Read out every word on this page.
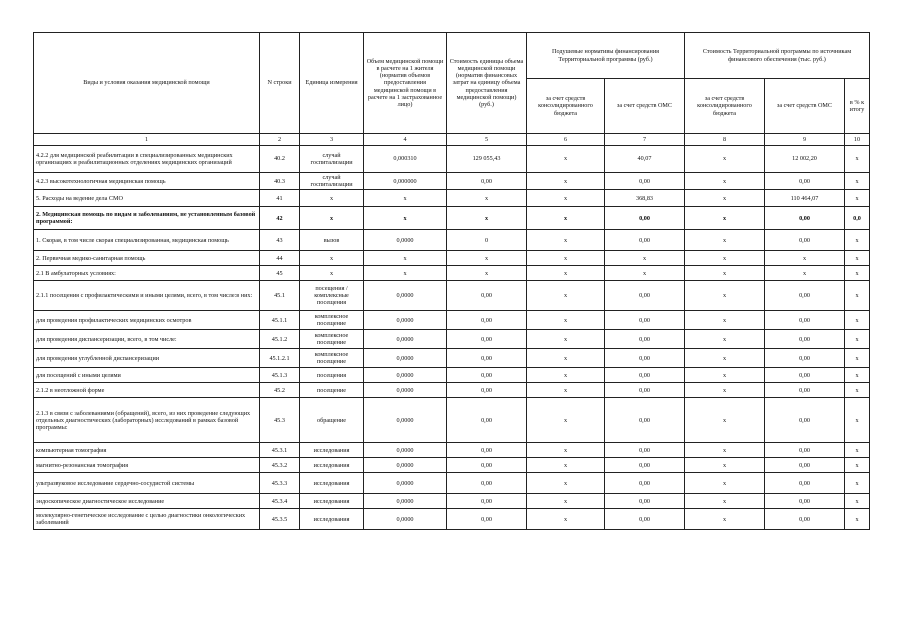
Виды и условия оказания медицинской помощи	N строки	Единица измерения	Объем медицинской помощи в расчете на 1 жителя (норматив объемов предоставления медицинской помощи в расчете на 1 застрахованное лицо)	Стоимость единицы объема медицинской помощи (норматив финансовых затрат на единицу объема предоставления медицинской помощи) (руб.)	Подушевые нормативы финансирования Территориальной программы (руб.)		Стоимость Территориальной программы по источникам финансового обеспечения (тыс. руб.)		
					за счет средств консолидированного бюджета	за счет средств ОМС	за счет средств консолидированного бюджета	за счет средств ОМС	в % к итогу
1	2	3	4	5	6	7	8	9	10
4.2.2 для медицинской реабилитации в специализированных медицинских организациях и реабилитационных отделениях медицинских организаций	40.2	случай госпитализации	0,000310	129 055,43	х	40,07	х	12 002,20	х
4.2.3 высокотехнологичная медицинская помощь	40.3	случай госпитализации	0,000000	0,00	х	0,00	х	0,00	х
5. Расходы на ведение дела СМО	41	х	х	х	х	368,83	х	110 464,07	х
2. Медицинская помощь по видам и заболеваниям, не установленным базовой программой:	42	х	х	х	х	0,00	х	0,00	0,0
1. Скорая, в том числе скорая специализированная, медицинская помощь	43	вызов	0,0000	0	х	0,00	х	0,00	х
2. Первичная медико-санитарная помощь	44	х	х	х	х	х	х	х	х
2.1 В амбулаторных условиях:	45	х	х	х	х	х	х	х	х
2.1.1 посещения с профилактическими и иными целями, всего, в том числе:в них:	45.1	посещения / комплексные посещения	0,0000	0,00	х	0,00	х	0,00	х
для проведения профилактических медицинских осмотров	45.1.1	комплексное посещение	0,0000	0,00	х	0,00	х	0,00	х
для проведения диспансеризации, всего, в том числе:	45.1.2	комплексное посещение	0,0000	0,00	х	0,00	х	0,00	х
для проведения углубленной диспансеризации	45.1.2.1	комплексное посещение	0,0000	0,00	х	0,00	х	0,00	х
для посещений с иными целями	45.1.3	посещения	0,0000	0,00	х	0,00	х	0,00	х
2.1.2 в неотложной форме	45.2	посещение	0,0000	0,00	х	0,00	х	0,00	х
2.1.3 в связи с заболеваниями (обращений), всего, из них проведение следующих отдельных диагностических (лабораторных) исследований в рамках базовой программы:	45.3	обращение	0,0000	0,00	х	0,00	х	0,00	х
компьютерная томография	45.3.1	исследования	0,0000	0,00	х	0,00	х	0,00	х
магнитно-резонансная томография	45.3.2	исследования	0,0000	0,00	х	0,00	х	0,00	х
ультразвуковое исследование сердечно-сосудистой системы	45.3.3	исследования	0,0000	0,00	х	0,00	х	0,00	х
эндоскопическое диагностическое исследование	45.3.4	исследования	0,0000	0,00	х	0,00	х	0,00	х
молекулярно-генетическое исследование с целью диагностики онкологических заболеваний	45.3.5	исследования	0,0000	0,00	х	0,00	х	0,00	х
